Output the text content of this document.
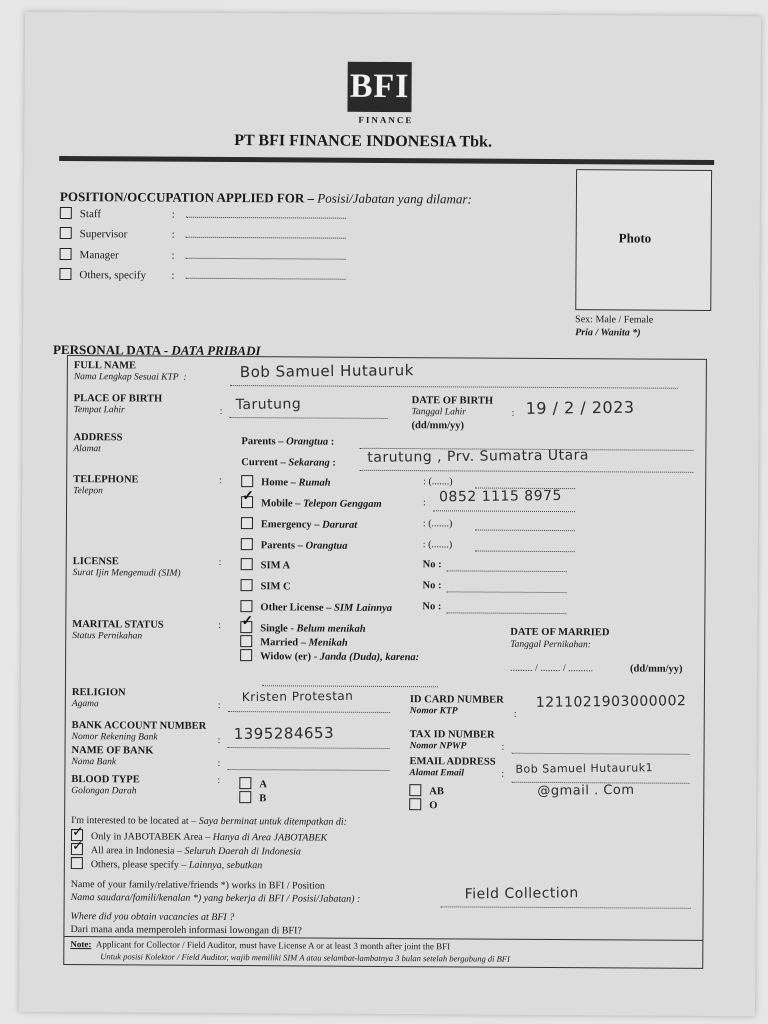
BFI
FINANCE
PT BFI FINANCE INDONESIA Tbk.
POSITION/OCCUPATION APPLIED FOR – Posisi/Jabatan yang dilamar:
Staff	:
Supervisor	:
Manager	:
Others, specify :
Photo
Sex: Male / Female
Pria / Wanita *)
PERSONAL DATA - DATA PRIBADI
FULL NAME
Nama Lengkap Sesuai KTP  :	Bob Samuel Hutauruk
PLACE OF BIRTH
Tempat Lahir	: Tarutung	DATE OF BIRTH
Tanggal Lahir
(dd/mm/yy)
: 19 / 2 / 2023
ADDRESS
Alamat
Parents – Orangtua :
Current – Sekarang : tarutung , Prv. Sumatra Utara
TELEPHONE
Telepon
:	Home – Rumah	: (.......)
✓Mobile – Telepon Genggam	: 0852 1115 8975
Emergency – Darurat	: (.......)
Parents – Orangtua	: (.......)
LICENSE
Surat Ijin Mengemudi (SIM)
:	SIM A	No :
SIM C	No :
Other License – SIM Lainnya	No :
MARITAL STATUS
Status Pernikahan
:
✓	Single - Belum menikah
Married – Menikah
Widow (er) - Janda (Duda), karena:
DATE OF MARRIED
Tanggal Pernikahan:
......... / ........ / ..........	(dd/mm/yy)
RELIGION
Agama	:
Kristen Protestan	ID CARD NUMBER
Nomor KTP	:
1211021903000002
BANK ACCOUNT NUMBER
Nomor Rekening Bank	: 1395284653	TAX ID NUMBER
Nomor NPWP	:
NAME OF BANK
Nama Bank	:	EMAIL ADDRESS
Alamat Email	: Bob Samuel Hutauruk1
@gmail . Com
BLOOD TYPE
Golongan Darah
:	A
B
AB
O
I'm interested to be located at – Saya berminat untuk ditempatkan di:
✓Only in JABOTABEK Area – Hanya di Area JABOTABEK
✓All area in Indonesia – Seluruh Daerah di Indonesia
Others, please specify – Lainnya, sebutkan
Name of your family/relative/friends *) works in BFI / Position
Nama saudara/famili/kenalan *) yang bekerja di BFI / Posisi/Jabatan) :	Field Collection
Where did you obtain vacancies at BFI ?
Dari mana anda memperoleh informasi lowongan di BFI?
Note: Applicant for Collector / Field Auditor, must have License A or at least 3 month after joint the BFI
Untuk posisi Kolektor / Field Auditor, wajib memiliki SIM A atau selambat-lambatnya 3 bulan setelah bergabung di BFI
